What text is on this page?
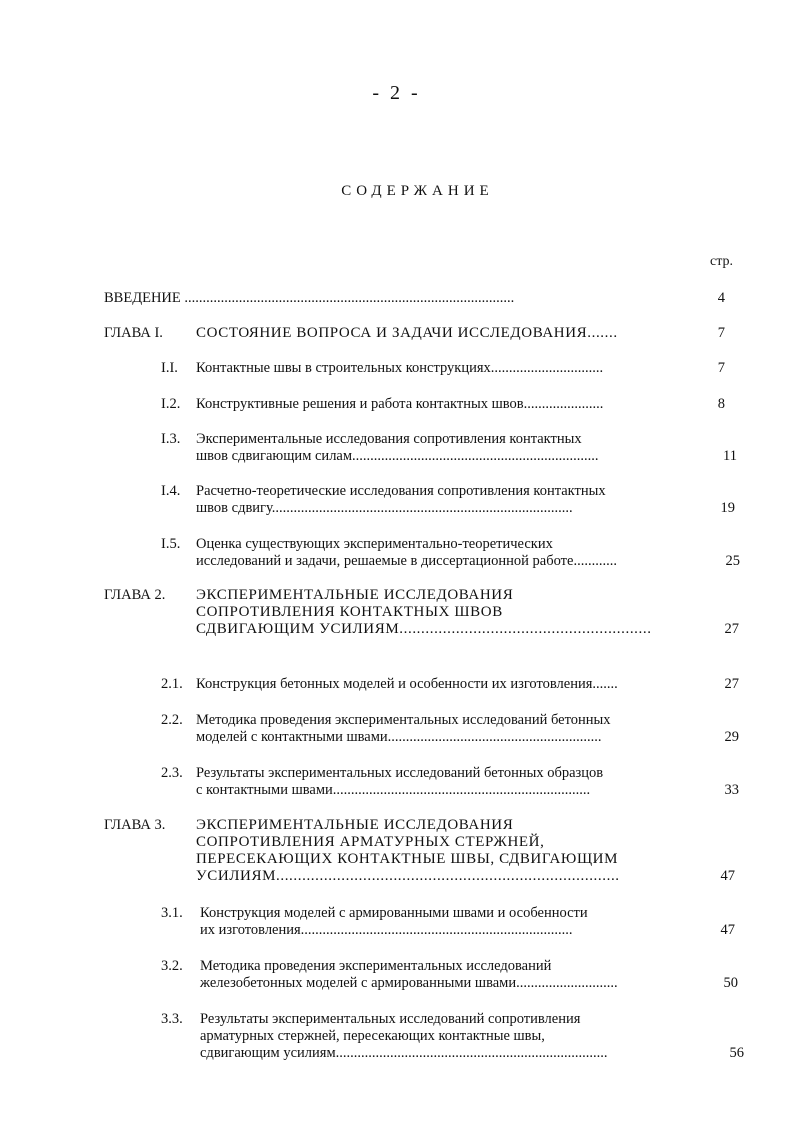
- 2 -
СОДЕРЖАНИЕ
стр.
ВВЕДЕНИЕ ...........................................................................................	4
ГЛАВА I. СОСТОЯНИЕ ВОПРОСА И ЗАДАЧИ ИССЛЕДОВАНИЯ.......	7
I.I. Контактные швы в строительных конструкциях...............................	7
I.2. Конструктивные решения и работа контактных швов......................	8
I.3. Экспериментальные исследования сопротивления контактных
швов сдвигающим силам....................................................................	11
I.4. Расчетно-теоретические исследования сопротивления контактных
швов сдвигу...................................................................................	19
I.5. Оценка существующих экспериментально-теоретических
исследований и задачи, решаемые в диссертационной работе............	25
ГЛАВА 2. ЭКСПЕРИМЕНТАЛЬНЫЕ ИССЛЕДОВАНИЯ
СОПРОТИВЛЕНИЯ КОНТАКТНЫХ ШВОВ
СДВИГАЮЩИМ УСИЛИЯМ..........................................................	27
2.1. Конструкция бетонных моделей и особенности их изготовления.......	27
2.2. Методика проведения экспериментальных исследований бетонных
моделей с контактными швами...........................................................	29
2.3. Результаты экспериментальных исследований бетонных образцов
с контактными швами.......................................................................	33
ГЛАВА 3. ЭКСПЕРИМЕНТАЛЬНЫЕ ИССЛЕДОВАНИЯ
СОПРОТИВЛЕНИЯ АРМАТУРНЫХ СТЕРЖНЕЙ,
ПЕРЕСЕКАЮЩИХ КОНТАКТНЫЕ ШВЫ, СДВИГАЮЩИМ
УСИЛИЯМ...............................................................................	47
3.1. Конструкция моделей с армированными швами и особенности
их изготовления...........................................................................	47
3.2. Методика проведения экспериментальных исследований
железобетонных моделей с армированными швами............................	50
3.3. Результаты экспериментальных исследований сопротивления
арматурных стержней, пересекающих контактные швы,
сдвигающим усилиям...........................................................................	56
